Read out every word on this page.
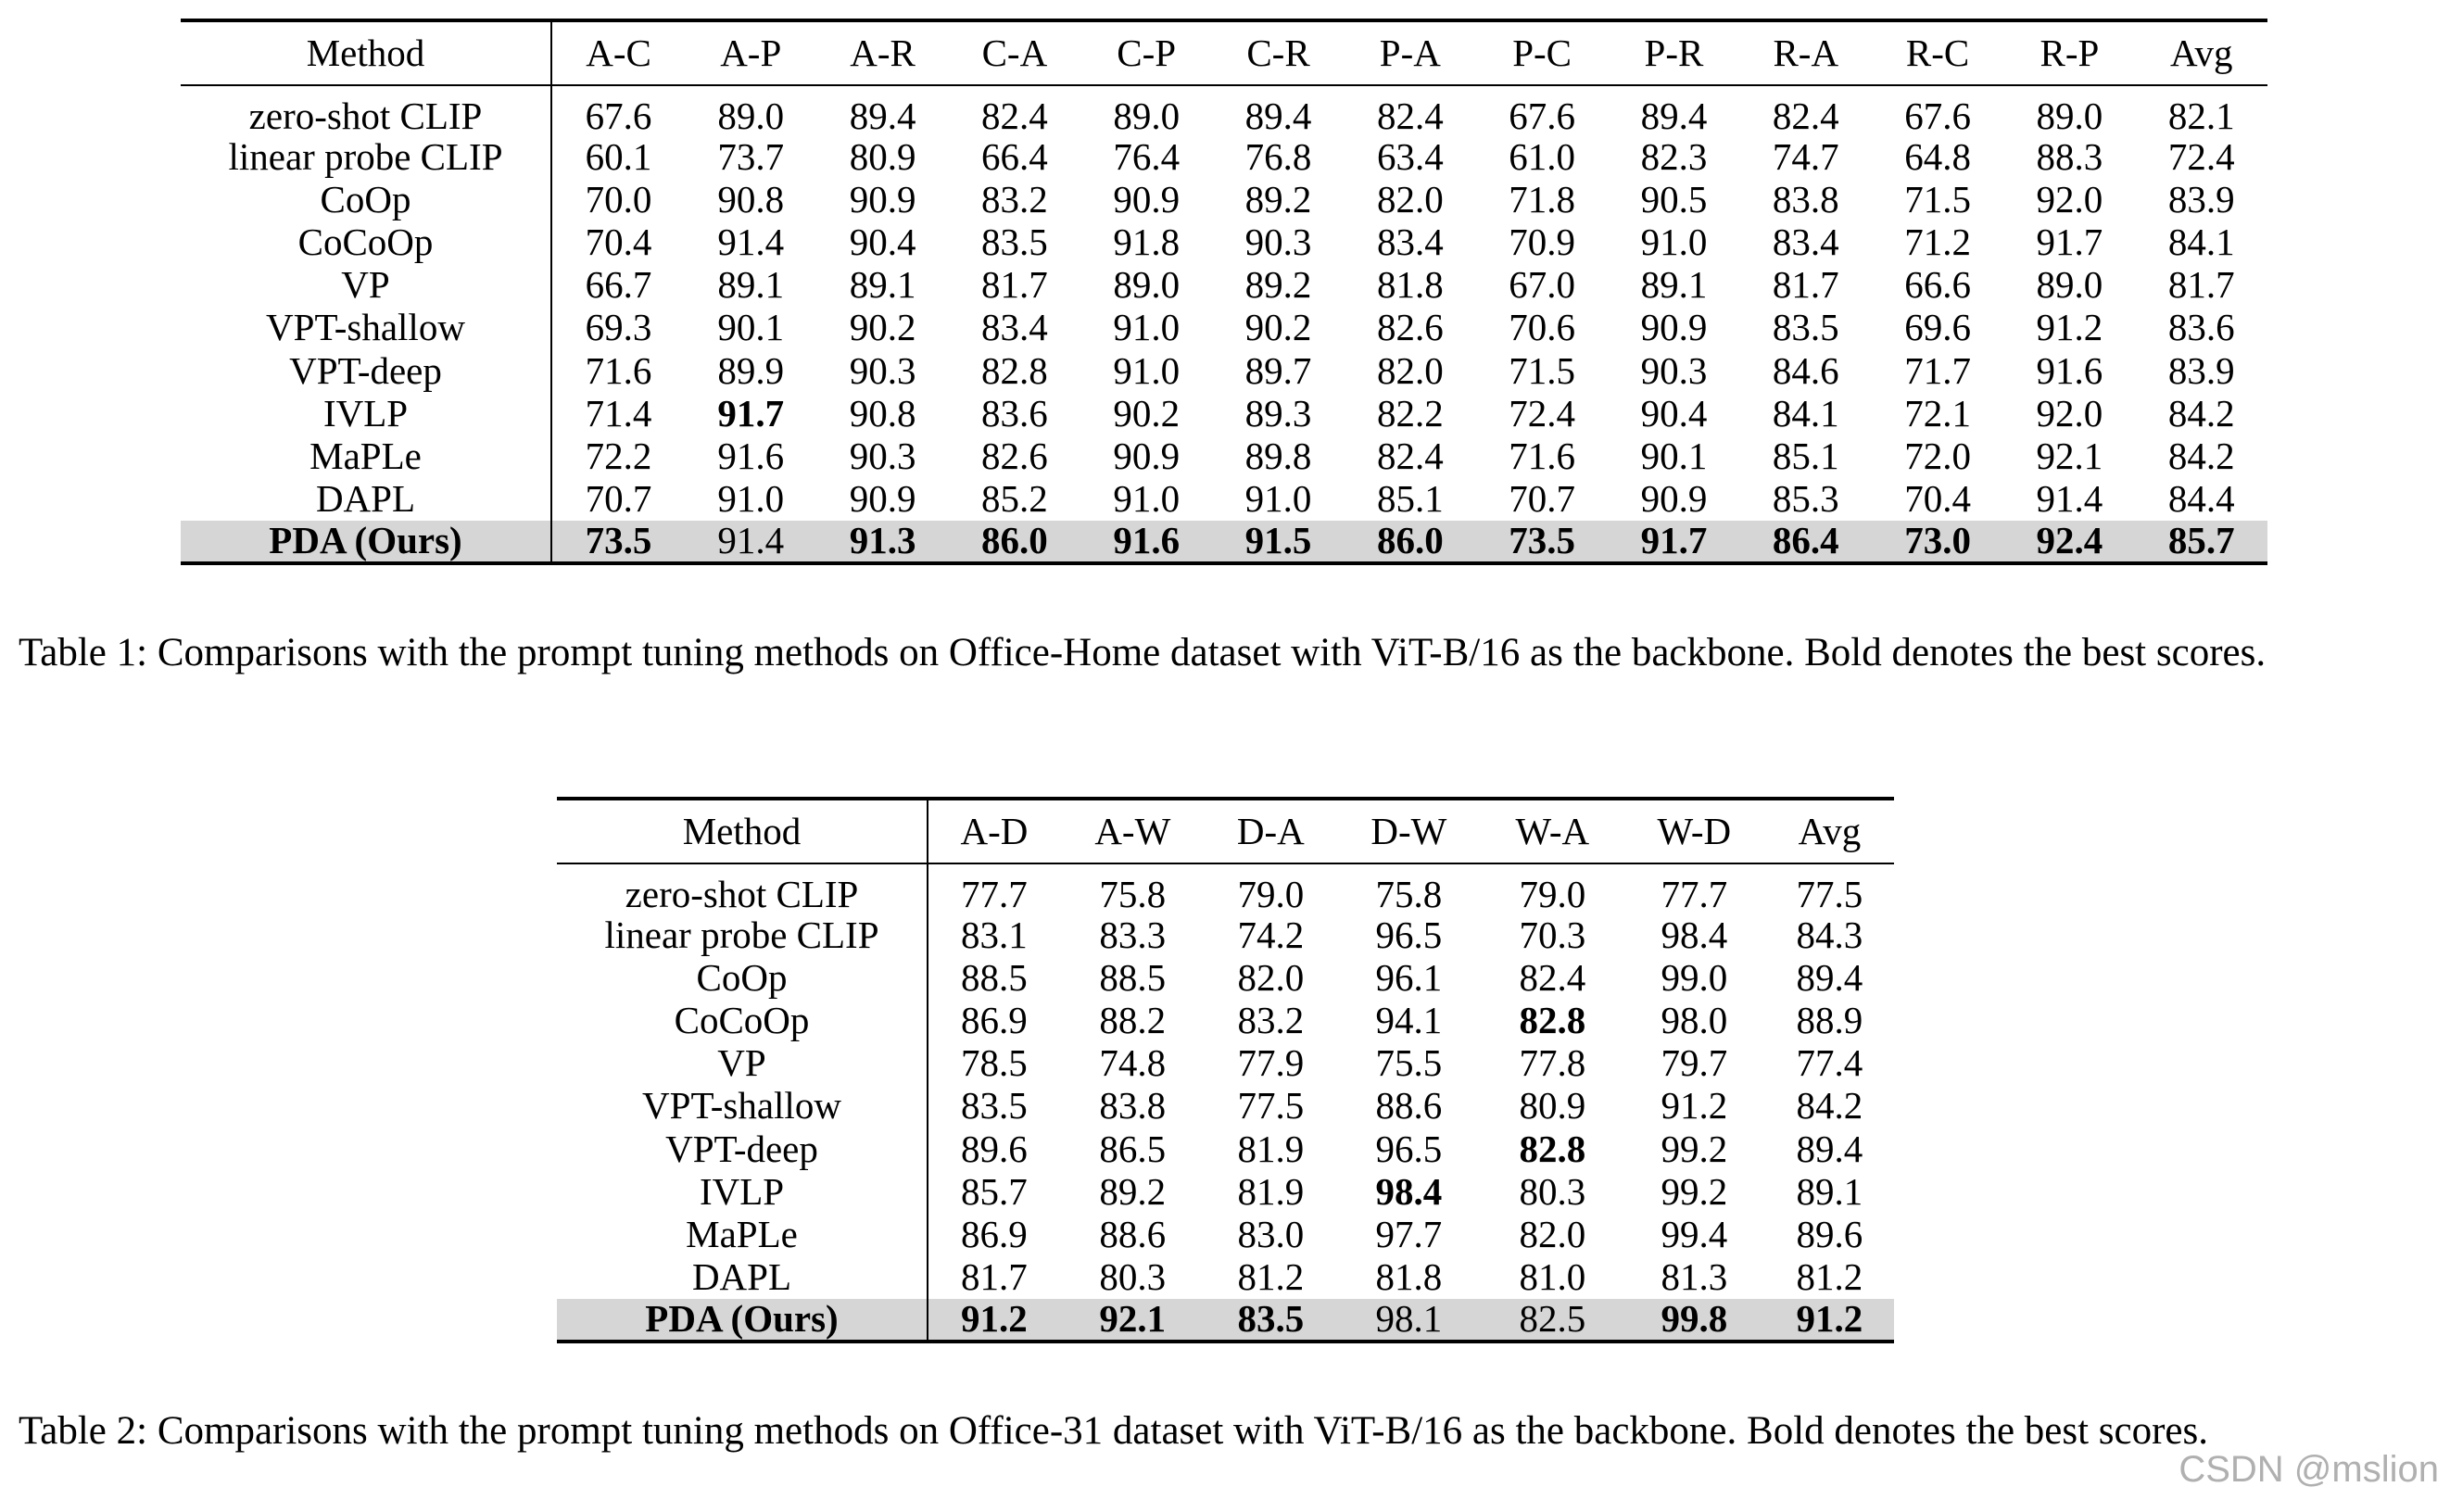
Method	A-C	A-P	A-R	C-A	C-P	C-R	P-A	P-C	P-R	R-A	R-C	R-P	Avg
zero-shot CLIP	67.6	89.0	89.4	82.4	89.0	89.4	82.4	67.6	89.4	82.4	67.6	89.0	82.1
linear probe CLIP	60.1	73.7	80.9	66.4	76.4	76.8	63.4	61.0	82.3	74.7	64.8	88.3	72.4
CoOp	70.0	90.8	90.9	83.2	90.9	89.2	82.0	71.8	90.5	83.8	71.5	92.0	83.9
CoCoOp	70.4	91.4	90.4	83.5	91.8	90.3	83.4	70.9	91.0	83.4	71.2	91.7	84.1
VP	66.7	89.1	89.1	81.7	89.0	89.2	81.8	67.0	89.1	81.7	66.6	89.0	81.7
VPT-shallow	69.3	90.1	90.2	83.4	91.0	90.2	82.6	70.6	90.9	83.5	69.6	91.2	83.6
VPT-deep	71.6	89.9	90.3	82.8	91.0	89.7	82.0	71.5	90.3	84.6	71.7	91.6	83.9
IVLP	71.4	91.7	90.8	83.6	90.2	89.3	82.2	72.4	90.4	84.1	72.1	92.0	84.2
MaPLe	72.2	91.6	90.3	82.6	90.9	89.8	82.4	71.6	90.1	85.1	72.0	92.1	84.2
DAPL	70.7	91.0	90.9	85.2	91.0	91.0	85.1	70.7	90.9	85.3	70.4	91.4	84.4
PDA (Ours)	73.5	91.4	91.3	86.0	91.6	91.5	86.0	73.5	91.7	86.4	73.0	92.4	85.7

Table 1: Comparisons with the prompt tuning methods on Office-Home dataset with ViT-B/16 as the backbone. Bold denotes the best scores.

Method	A-D	A-W	D-A	D-W	W-A	W-D	Avg
zero-shot CLIP	77.7	75.8	79.0	75.8	79.0	77.7	77.5
linear probe CLIP	83.1	83.3	74.2	96.5	70.3	98.4	84.3
CoOp	88.5	88.5	82.0	96.1	82.4	99.0	89.4
CoCoOp	86.9	88.2	83.2	94.1	82.8	98.0	88.9
VP	78.5	74.8	77.9	75.5	77.8	79.7	77.4
VPT-shallow	83.5	83.8	77.5	88.6	80.9	91.2	84.2
VPT-deep	89.6	86.5	81.9	96.5	82.8	99.2	89.4
IVLP	85.7	89.2	81.9	98.4	80.3	99.2	89.1
MaPLe	86.9	88.6	83.0	97.7	82.0	99.4	89.6
DAPL	81.7	80.3	81.2	81.8	81.0	81.3	81.2
PDA (Ours)	91.2	92.1	83.5	98.1	82.5	99.8	91.2

Table 2: Comparisons with the prompt tuning methods on Office-31 dataset with ViT-B/16 as the backbone. Bold denotes the best scores.

CSDN @mslion
